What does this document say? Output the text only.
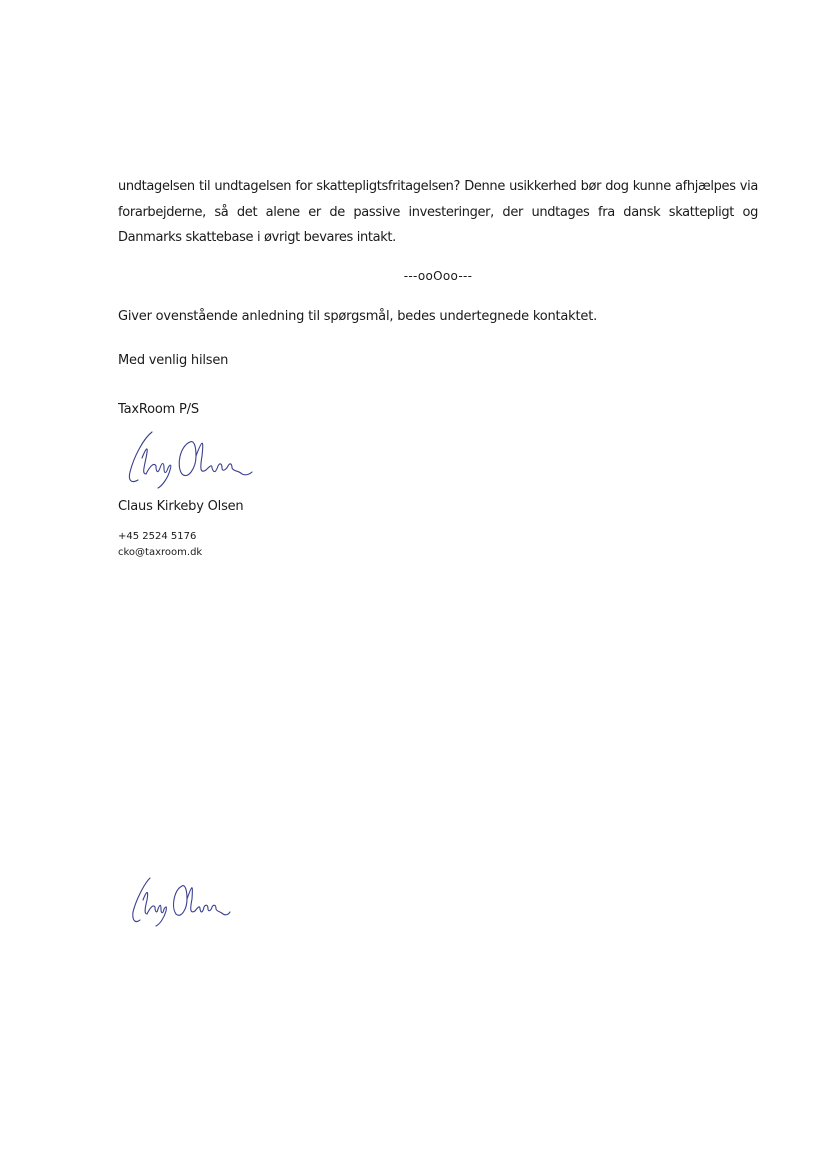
undtagelsen til undtagelsen for skattepligtsfritagelsen? Denne usikkerhed bør dog kunne afhjælpes via forarbejderne, så det alene er de passive investeringer, der undtages fra dansk skattepligt og Danmarks skattebase i øvrigt bevares intakt.

---ooOoo---

Giver ovenstående anledning til spørgsmål, bedes undertegnede kontaktet.

Med venlig hilsen

TaxRoom P/S

Claus Kirkeby Olsen

+45 2524 5176

cko@taxroom.dk
